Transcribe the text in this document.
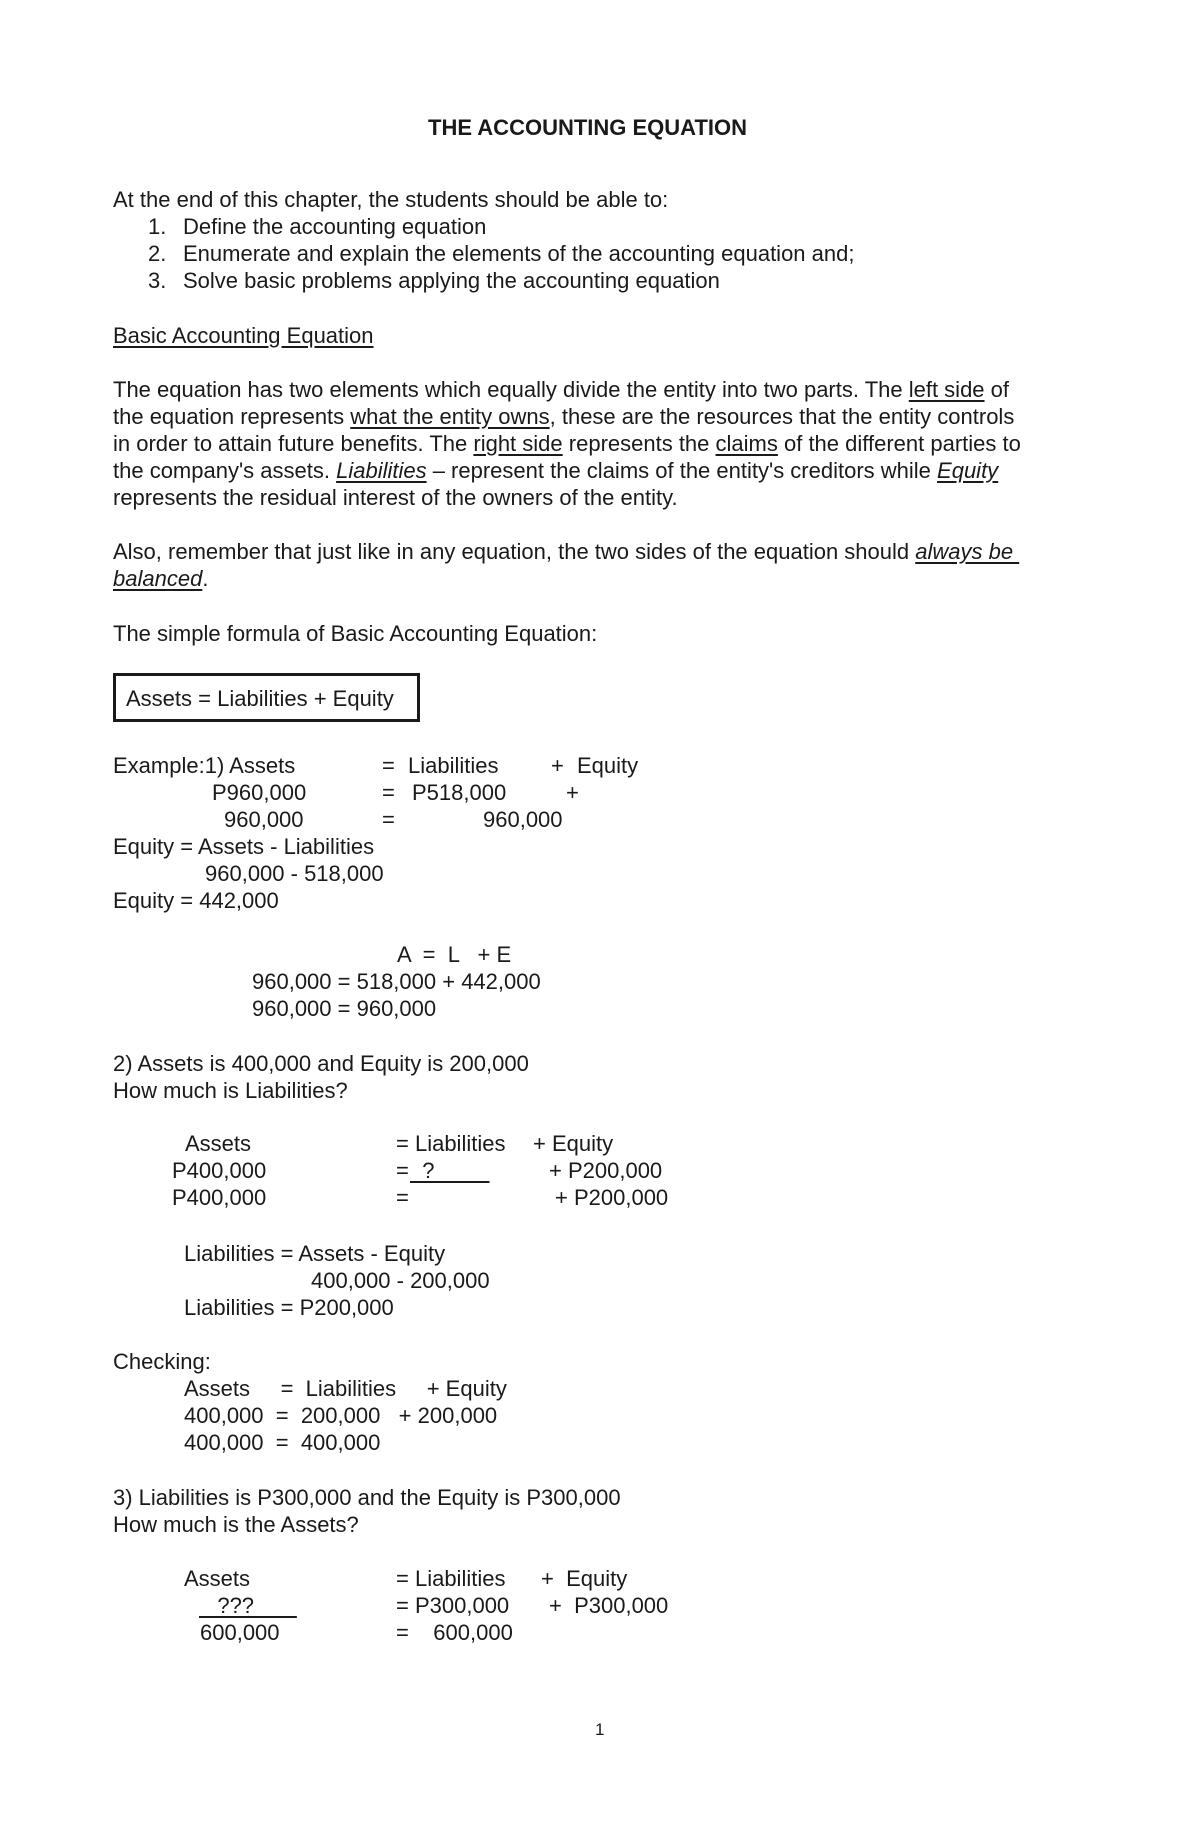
THE ACCOUNTING EQUATION
At the end of this chapter, the students should be able to:
1. Define the accounting equation
2. Enumerate and explain the elements of the accounting equation and;
3. Solve basic problems applying the accounting equation
Basic Accounting Equation
The equation has two elements which equally divide the entity into two parts. The left side of
the equation represents what the entity owns, these are the resources that the entity controls
in order to attain future benefits. The right side represents the claims of the different parties to
the company's assets. Liabilities – represent the claims of the entity's creditors while Equity
represents the residual interest of the owners of the entity.
Also, remember that just like in any equation, the two sides of the equation should always be
balanced.
The simple formula of Basic Accounting Equation:
Assets = Liabilities + Equity
Example:1) Assets	= Liabilities + Equity
P960,000	= P518,000	+
960,000	=	960,000
Equity = Assets - Liabilities
960,000 - 518,000
Equity = 442,000
A  =  L   + E
960,000 = 518,000 + 442,000
960,000 = 960,000
2) Assets is 400,000 and Equity is 200,000
How much is Liabilities?
Assets	= Liabilities + Equity
P400,000	= ?	+ P200,000
P400,000	=	+ P200,000
Liabilities = Assets - Equity
400,000 - 200,000
Liabilities = P200,000
Checking:
Assets     =  Liabilities     + Equity
400,000  =  200,000   + 200,000
400,000  =  400,000
3) Liabilities is P300,000 and the Equity is P300,000
How much is the Assets?
Assets	= Liabilities +  Equity
???	= P300,000 +  P300,000
600,000	=    600,000
1
